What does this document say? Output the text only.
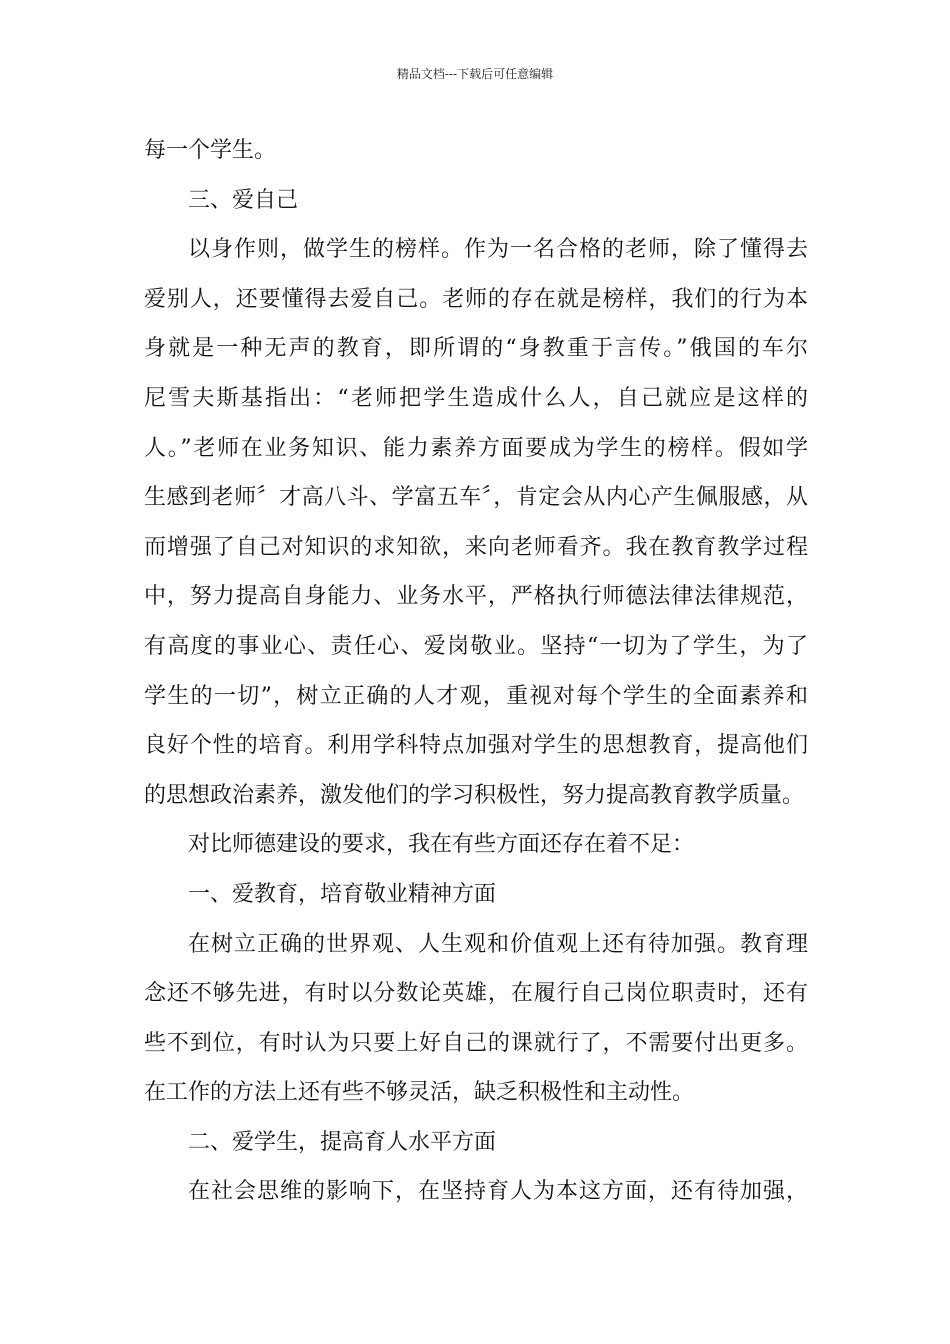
精品文档---下载后可任意编辑
每一个学生。
三、爱自己
以身作则，做学生的榜样。作为一名合格的老师，除了懂得去
爱别人，还要懂得去爱自己。老师的存在就是榜样，我们的行为本
身就是一种无声的教育，即所谓的“身教重于言传。”俄国的车尔
尼雪夫斯基指出：“老师把学生造成什么人，自己就应是这样的
人。”老师在业务知识、能力素养方面要成为学生的榜样。假如学
生感到老师〞才高八斗、学富五车〞，肯定会从内心产生佩服感，从
而增强了自己对知识的求知欲，来向老师看齐。我在教育教学过程
中，努力提高自身能力、业务水平，严格执行师德法律法律规范，
有高度的事业心、责任心、爱岗敬业。坚持“一切为了学生，为了
学生的一切”，树立正确的人才观，重视对每个学生的全面素养和
良好个性的培育。利用学科特点加强对学生的思想教育，提高他们
的思想政治素养，激发他们的学习积极性，努力提高教育教学质量。
对比师德建设的要求，我在有些方面还存在着不足：
一、爱教育，培育敬业精神方面
在树立正确的世界观、人生观和价值观上还有待加强。教育理
念还不够先进，有时以分数论英雄，在履行自己岗位职责时，还有
些不到位，有时认为只要上好自己的课就行了，不需要付出更多。
在工作的方法上还有些不够灵活，缺乏积极性和主动性。
二、爱学生，提高育人水平方面
在社会思维的影响下，在坚持育人为本这方面，还有待加强，
